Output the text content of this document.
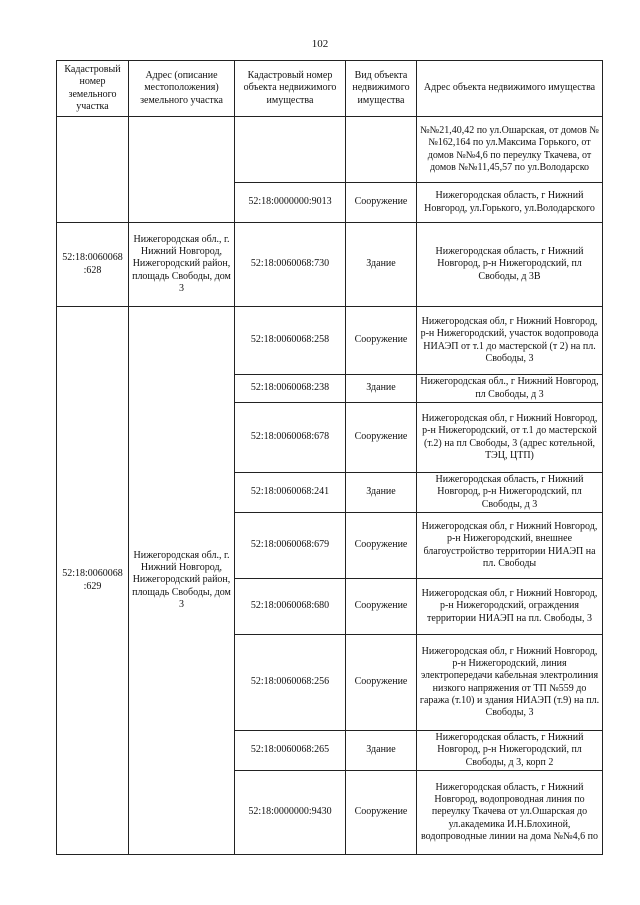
102
Кадастровый номер земельного участка	Адрес (описание местоположения) земельного участка	Кадастровый номер объекта недвижимого имущества	Вид объекта недвижимого имущества	Адрес объекта недвижимого имущества
				№№21,40,42 по ул.Ошарская, от домов №№162,164 по ул.Максима Горького, от домов №№4,6 по переулку Ткачева, от домов №№11,45,57 по ул.Володарско
		52:18:0000000:9013	Сооружение	Нижегородская область, г Нижний Новгород, ул.Горького, ул.Володарского
52:18:0060068 :628	Нижегородская обл., г. Нижний Новгород, Нижегородский район, площадь Свободы, дом 3	52:18:0060068:730	Здание	Нижегородская область, г Нижний Новгород, р-н Нижегородский, пл Свободы, д 3В
52:18:0060068 :629	Нижегородская обл., г. Нижний Новгород, Нижегородский район, площадь Свободы, дом 3	52:18:0060068:258	Сооружение	Нижегородская обл, г Нижний Новгород, р-н Нижегородский, участок водопровода НИАЭП от т.1 до мастерской (т 2) на пл. Свободы, 3
		52:18:0060068:238	Здание	Нижегородская обл., г Нижний Новгород, пл Свободы, д 3
		52:18:0060068:678	Сооружение	Нижегородская обл, г Нижний Новгород, р-н Нижегородский, от т.1 до мастерской (т.2) на пл Свободы, 3 (адрес котельной, ТЭЦ, ЦТП)
		52:18:0060068:241	Здание	Нижегородская область, г Нижний Новгород, р-н Нижегородский, пл Свободы, д 3
		52:18:0060068:679	Сооружение	Нижегородская обл, г Нижний Новгород, р-н Нижегородский, внешнее благоустройство территории НИАЭП на пл. Свободы
		52:18:0060068:680	Сооружение	Нижегородская обл, г Нижний Новгород, р-н Нижегородский, ограждения территории НИАЭП на пл. Свободы, 3
		52:18:0060068:256	Сооружение	Нижегородская обл, г Нижний Новгород, р-н Нижегородский, линия электропередачи кабельная электролиния низкого напряжения от ТП №559 до гаража (т.10) и здания НИАЭП (т.9) на пл. Свободы, 3
		52:18:0060068:265	Здание	Нижегородская область, г Нижний Новгород, р-н Нижегородский, пл Свободы, д 3, корп 2
		52:18:0000000:9430	Сооружение	Нижегородская область, г Нижний Новгород, водопроводная линия по переулку Ткачева от ул.Ошарская до ул.академика И.Н.Блохиной, водопроводные линии на дома №№4,6 по
